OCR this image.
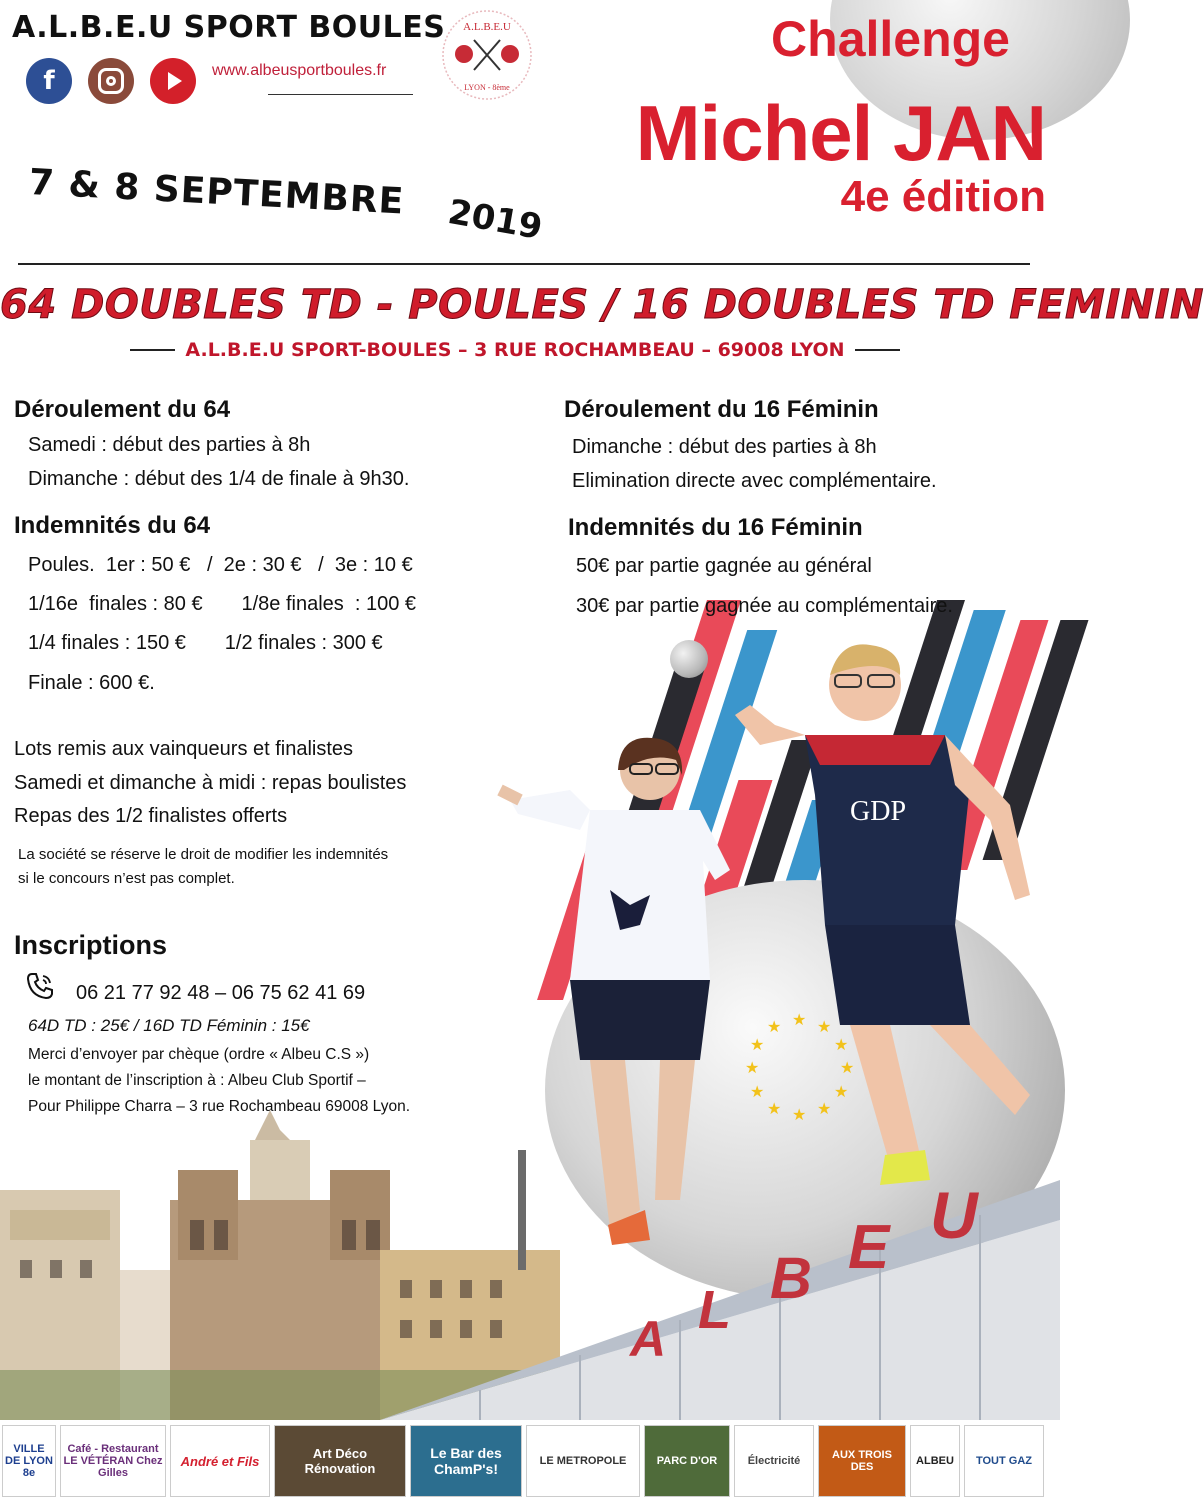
A.L.B.E.U SPORT BOULES
f	www.albeusportboules.fr
A.L.B.E.U
LYON - 8ème
Challenge
Michel JAN
4e édition
7 & 8 SEPTEMBRE 2019
64 DOUBLES TD - POULES / 16 DOUBLES TD FEMININ
A.L.B.E.U SPORT-BOULES – 3 RUE ROCHAMBEAU – 69008 LYON
★ ★
★
★
★
★
★
★
★
★
★
★
GDP
A L B E U
Déroulement du 64
Samedi : début des parties à 8h
Dimanche : début des 1/4 de finale à 9h30.
Indemnités du 64
Poules.  1er : 50 €   /  2e : 30 €   /  3e : 10 €
1/16e  finales : 80 €       1/8e finales  : 100 €
1/4 finales : 150 €       1/2 finales : 300 €
Finale : 600 €.
Lots remis aux vainqueurs et finalistes
Samedi et dimanche à midi : repas boulistes
Repas des 1/2 finalistes offerts
La société se réserve le droit de modifier les indemnités
si le concours n’est pas complet.
Déroulement du 16 Féminin
Dimanche : début des parties à 8h
Elimination directe avec complémentaire.
Indemnités du 16 Féminin
50€ par partie gagnée au général
30€ par partie gagnée au complémentaire.
Inscriptions
06 21 77 92 48 – 06 75 62 41 69
64D TD : 25€ / 16D TD Féminin : 15€
Merci d’envoyer par chèque (ordre « Albeu C.S »)
le montant de l’inscription à : Albeu Club Sportif –
Pour Philippe Charra – 3 rue Rochambeau 69008 Lyon.
VILLE DE LYON 8e
Café - Restaurant LE VÉTÉRAN Chez Gilles
André et Fils	Art Déco Rénovation
Le Bar des ChamP's!	LE METROPOLE	PARC D'OR	Électricité	AUX TROIS DES	ALBEU	TOUT GAZ
